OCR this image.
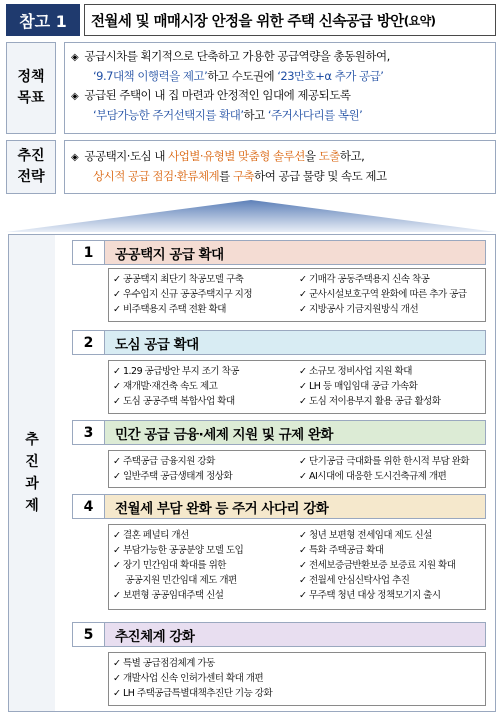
참고 1	전월세 및 매매시장 안정을 위한 주택 신속공급 방안 (요약)
정책
목표
◈ 공급시차를 획기적으로 단축하고 가용한 공급역량을 총동원하여,
‘9.7대책 이행력을 제고’하고 수도권에 ‘23만호+α 추가 공급’
◈ 공급된 주택이 내 집 마련과 안정적인 임대에 제공되도록
‘부담가능한 주거선택지를 확대’하고 ‘주거사다리를 복원’
추진
전략
◈ 공공택지·도심 내 사업별·유형별 맞춤형 솔루션을 도출하고,
상시적 공급 점검·환류체계를 구축하여 공급 물량 및 속도 제고
추
진
과
제
1	공공택지 공급 확대
✓ 공공택지 최단기 착공모델 구축	✓ 기매각 공동주택용지 신속 착공
✓ 우수입지 신규 공공주택지구 지정	✓ 군사시설보호구역 완화에 따른 추가 공급
✓ 비주택용지 주택 전환 확대	✓ 지방공사 기금지원방식 개선
2	도심 공급 확대
✓ 1.29 공급방안 부지 조기 착공	✓ 소규모 정비사업 지원 확대
✓ 재개발·재건축 속도 제고	✓ LH 등 매입임대 공급 가속화
✓ 도심 공공주택 복합사업 확대	✓ 도심 저이용부지 활용 공급 활성화
3	민간 공급 금융·세제 지원 및 규제 완화
✓ 주택공급 금융지원 강화	✓ 단기공급 극대화를 위한 한시적 부담 완화
✓ 일반주택 공급생태계 정상화	✓ AI시대에 대응한 도시건축규제 개편
4	전월세 부담 완화 등 주거 사다리 강화
✓ 결혼 페널티 개선	✓ 청년 보편형 전세임대 제도 신설
✓ 부담가능한 공공분양 모델 도입	✓ 특화 주택공급 확대
✓ 장기 민간임대 확대를 위한	✓ 전세보증금반환보증 보증료 지원 확대
공공지원 민간임대 제도 개편	✓ 전월세 안심신탁사업 추진
✓ 보편형 공공임대주택 신설	✓ 무주택 청년 대상 정책모기지 출시
5	추진체계 강화
✓ 특별 공급점검체계 가동
✓ 개발사업 신속 인허가센터 확대 개편
✓ LH 주택공급특별대책추진단 기능 강화
